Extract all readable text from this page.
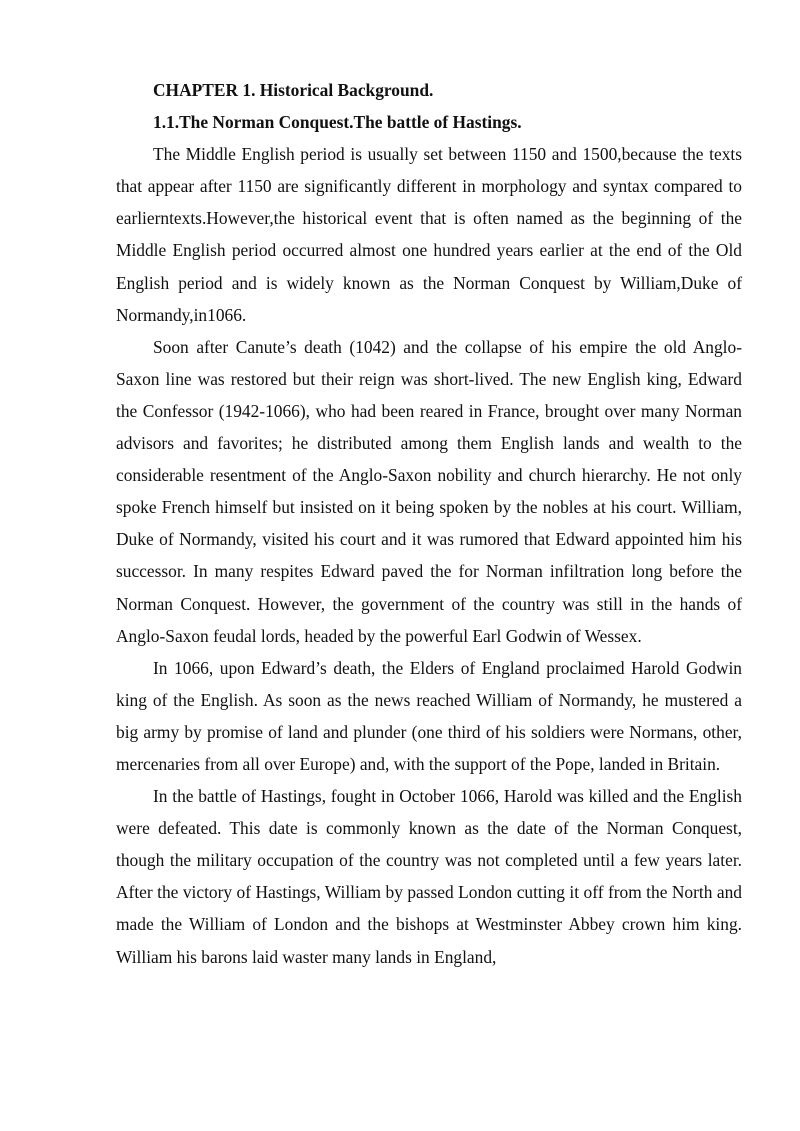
CHAPTER 1. Historical Background.

1.1.The Norman Conquest.The battle of Hastings.

The Middle English period is usually set between 1150 and 1500,because the texts that appear after 1150 are significantly different in morphology and syntax compared to earlierntexts.However,the historical event that is often named as the beginning of the Middle English period occurred almost one hundred years earlier at the end of the Old English period and is widely known as the Norman Conquest by William,Duke of Normandy,in1066.

Soon after Canute’s death (1042) and the collapse of his empire the old Anglo-Saxon line was restored but their reign was short-lived. The new English king, Edward the Confessor (1942-1066), who had been reared in France, brought over many Norman advisors and favorites; he distributed among them English lands and wealth to the considerable resentment of the Anglo-Saxon nobility and church hierarchy. He not only spoke French himself but insisted on it being spoken by the nobles at his court. William, Duke of Normandy, visited his court and it was rumored that Edward appointed him his successor. In many respites Edward paved the for Norman infiltration long before the Norman Conquest. However, the government of the country was still in the hands of Anglo-Saxon feudal lords, headed by the powerful Earl Godwin of Wessex.

In 1066, upon Edward’s death, the Elders of England proclaimed Harold Godwin king of the English. As soon as the news reached William of Normandy, he mustered a big army by promise of land and plunder (one third of his soldiers were Normans, other, mercenaries from all over Europe) and, with the support of the Pope, landed in Britain.

In the battle of Hastings, fought in October 1066, Harold was killed and the English were defeated. This date is commonly known as the date of the Norman Conquest, though the military occupation of the country was not completed until a few years later. After the victory of Hastings, William by passed London cutting it off from the North and made the William of London and the bishops at Westminster Abbey crown him king. William his barons laid waster many lands in England,
